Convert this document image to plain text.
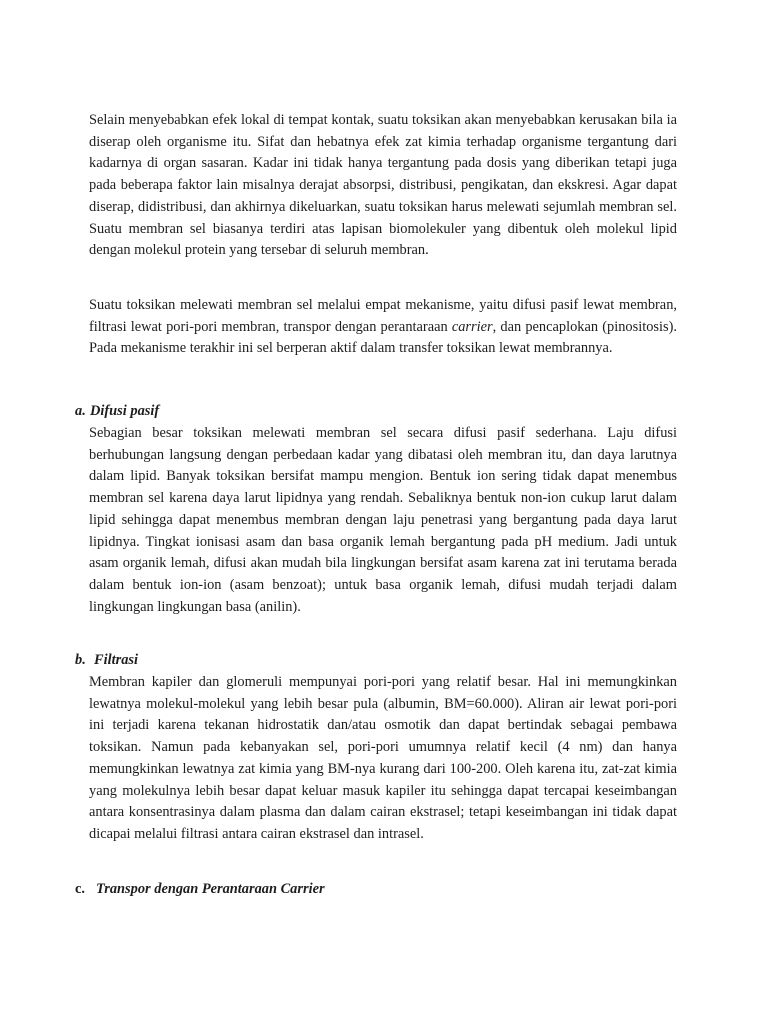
Selain menyebabkan efek lokal di tempat kontak, suatu toksikan akan menyebabkan kerusakan bila ia diserap oleh organisme itu. Sifat dan hebatnya efek zat kimia terhadap organisme tergantung dari kadarnya di organ sasaran. Kadar ini tidak hanya tergantung pada dosis yang diberikan tetapi juga pada beberapa faktor lain misalnya derajat absorpsi, distribusi, pengikatan, dan ekskresi. Agar dapat diserap, didistribusi, dan akhirnya dikeluarkan, suatu toksikan harus melewati sejumlah membran sel. Suatu membran sel biasanya terdiri atas lapisan biomolekuler yang dibentuk oleh molekul lipid dengan molekul protein yang tersebar di seluruh membran.

Suatu toksikan melewati membran sel melalui empat mekanisme, yaitu difusi pasif lewat membran, filtrasi lewat pori-pori membran, transpor dengan perantaraan carrier, dan pencaplokan (pinositosis). Pada mekanisme terakhir ini sel berperan aktif dalam transfer toksikan lewat membrannya.

a. Difusi pasif

Sebagian besar toksikan melewati membran sel secara difusi pasif sederhana. Laju difusi berhubungan langsung dengan perbedaan kadar yang dibatasi oleh membran itu, dan daya larutnya dalam lipid. Banyak toksikan bersifat mampu mengion. Bentuk ion sering tidak dapat menembus membran sel karena daya larut lipidnya yang rendah. Sebaliknya bentuk non-ion cukup larut dalam lipid sehingga dapat menembus membran dengan laju penetrasi yang bergantung pada daya larut lipidnya. Tingkat ionisasi asam dan basa organik lemah bergantung pada pH medium. Jadi untuk asam organik lemah, difusi akan mudah bila lingkungan bersifat asam karena zat ini terutama berada dalam bentuk ion-ion (asam benzoat); untuk basa organik lemah, difusi mudah terjadi dalam lingkungan lingkungan basa (anilin).

b. Filtrasi

Membran kapiler dan glomeruli mempunyai pori-pori yang relatif besar. Hal ini memungkinkan lewatnya molekul-molekul yang lebih besar pula (albumin, BM=60.000). Aliran air lewat pori-pori ini terjadi karena tekanan hidrostatik dan/atau osmotik dan dapat bertindak sebagai pembawa toksikan. Namun pada kebanyakan sel, pori-pori umumnya relatif kecil (4 nm) dan hanya memungkinkan lewatnya zat kimia yang BM-nya kurang dari 100-200. Oleh karena itu, zat-zat kimia yang molekulnya lebih besar dapat keluar masuk kapiler itu sehingga dapat tercapai keseimbangan antara konsentrasinya dalam plasma dan dalam cairan ekstrasel; tetapi keseimbangan ini tidak dapat dicapai melalui filtrasi antara cairan ekstrasel dan intrasel.

c. Transpor dengan Perantaraan Carrier
